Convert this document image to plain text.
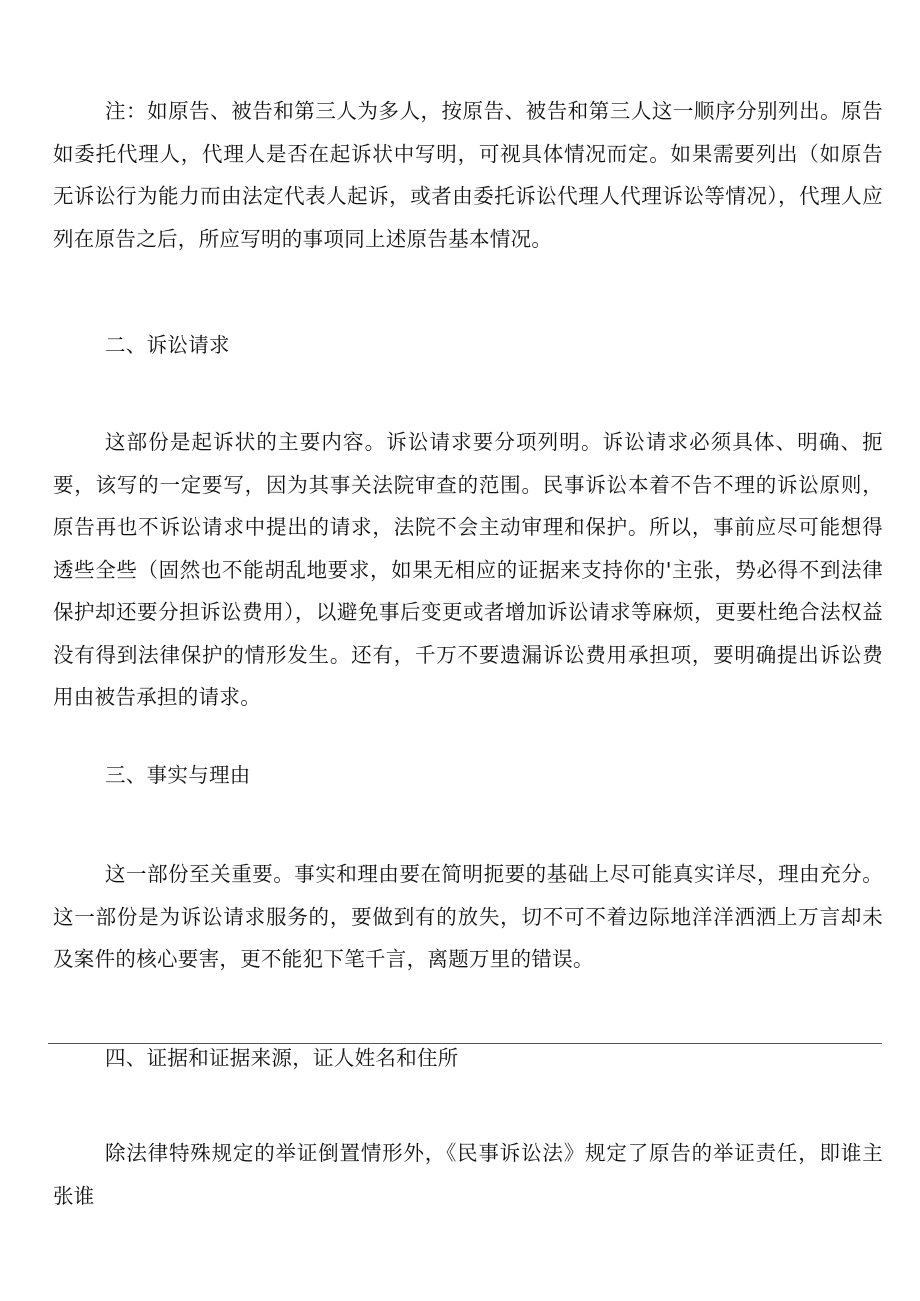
注：如原告、被告和第三人为多人，按原告、被告和第三人这一顺序分别列出。原告如委托代理人，代理人是否在起诉状中写明，可视具体情况而定。如果需要列出（如原告无诉讼行为能力而由法定代表人起诉，或者由委托诉讼代理人代理诉讼等情况），代理人应列在原告之后，所应写明的事项同上述原告基本情况。

二、诉讼请求

这部份是起诉状的主要内容。诉讼请求要分项列明。诉讼请求必须具体、明确、扼要，该写的一定要写，因为其事关法院审查的范围。民事诉讼本着不告不理的诉讼原则，原告再也不诉讼请求中提出的请求，法院不会主动审理和保护。所以，事前应尽可能想得透些全些（固然也不能胡乱地要求，如果无相应的证据来支持你的'主张，势必得不到法律保护却还要分担诉讼费用），以避免事后变更或者增加诉讼请求等麻烦，更要杜绝合法权益没有得到法律保护的情形发生。还有，千万不要遗漏诉讼费用承担项，要明确提出诉讼费用由被告承担的请求。

三、事实与理由

这一部份至关重要。事实和理由要在简明扼要的基础上尽可能真实详尽，理由充分。这一部份是为诉讼请求服务的，要做到有的放失，切不可不着边际地洋洋洒洒上万言却未及案件的核心要害，更不能犯下笔千言，离题万里的错误。

四、证据和证据来源，证人姓名和住所

除法律特殊规定的举证倒置情形外，《民事诉讼法》规定了原告的举证责任，即谁主张谁
